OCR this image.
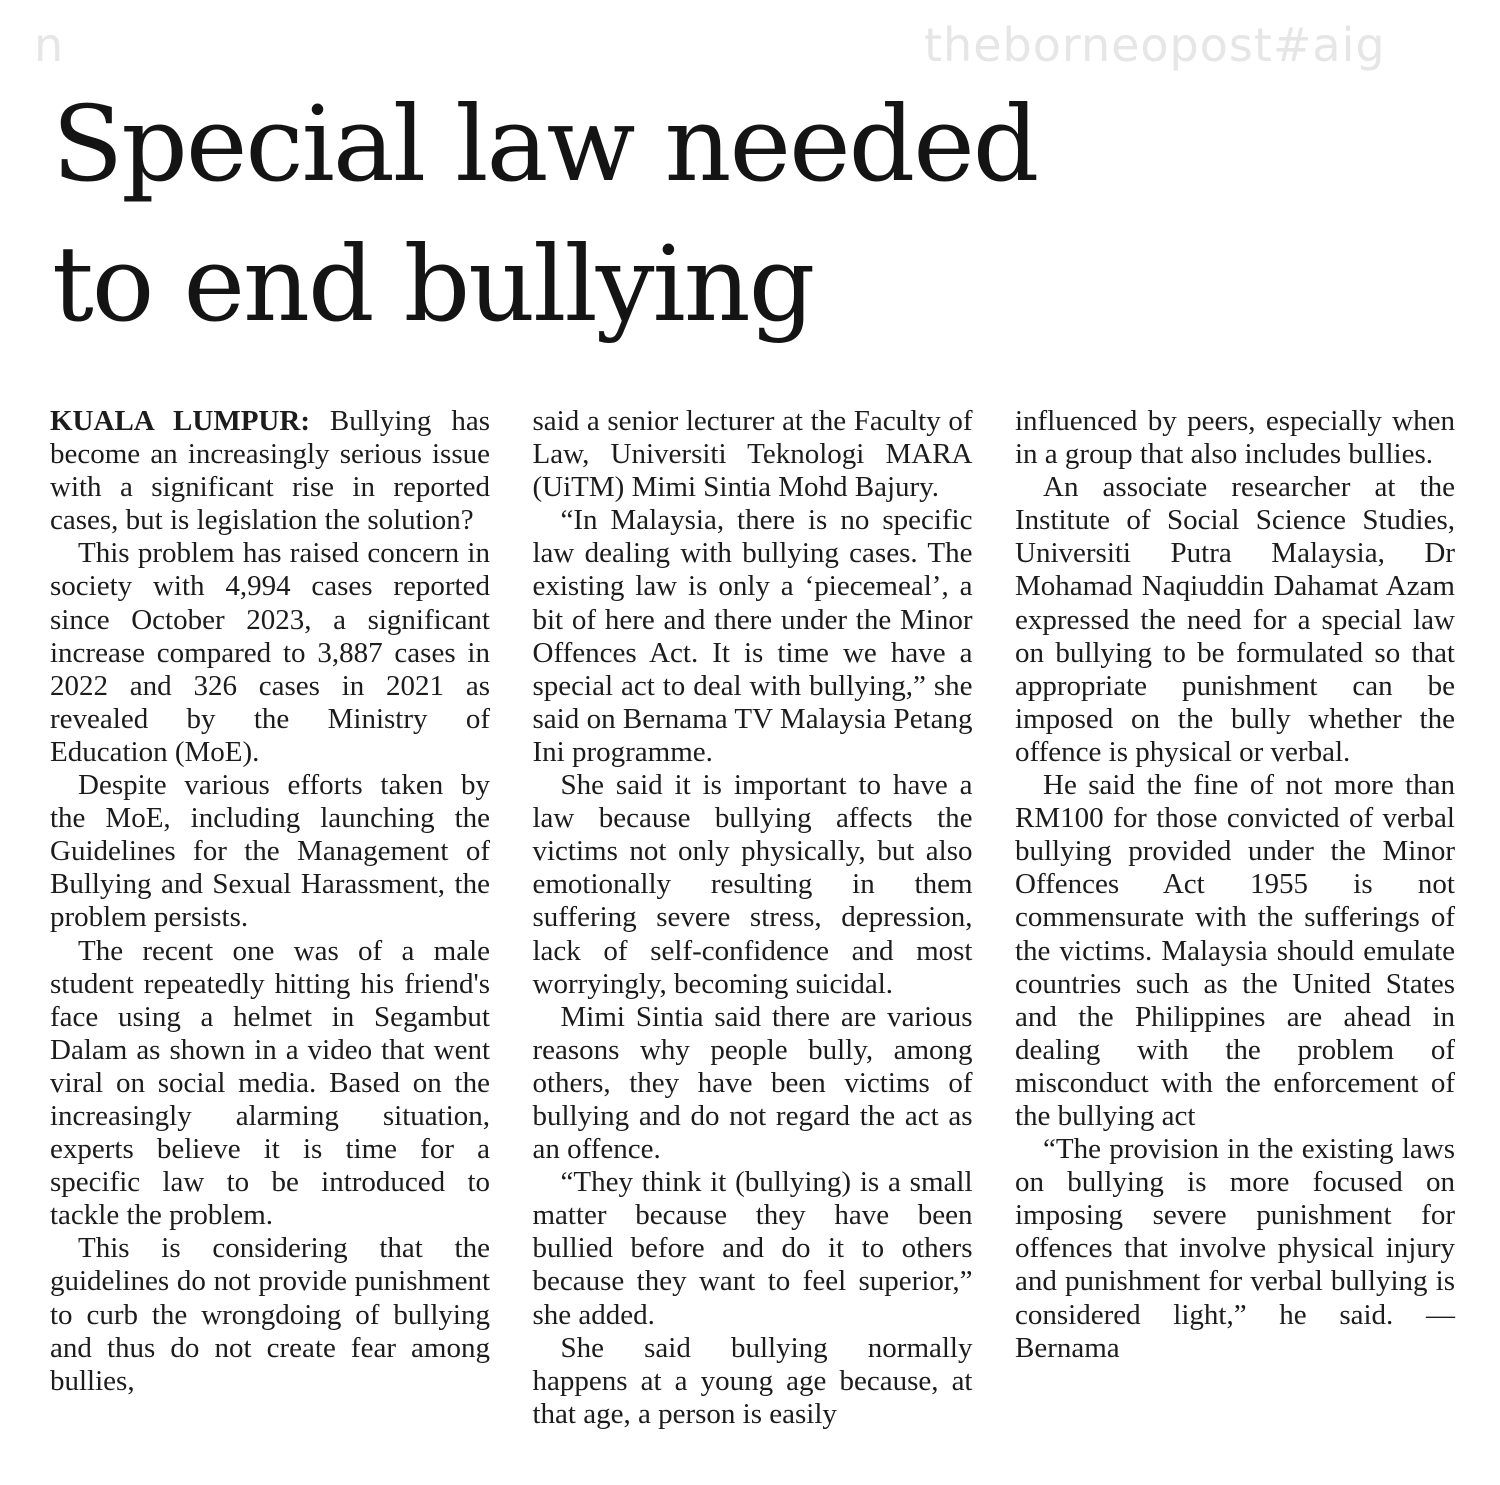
n	theborneopost#aig
Special law needed
to end bullying

KUALA LUMPUR: Bullying has become an increasingly serious issue with a significant rise in reported cases, but is legislation the solution?

This problem has raised concern in society with 4,994 cases reported since October 2023, a significant increase compared to 3,887 cases in 2022 and 326 cases in 2021 as revealed by the Ministry of Education (MoE).

Despite various efforts taken by the MoE, including launching the Guidelines for the Management of Bullying and Sexual Harassment, the problem persists.

The recent one was of a male student repeatedly hitting his friend's face using a helmet in Segambut Dalam as shown in a video that went viral on social media. Based on the increasingly alarming situation, experts believe it is time for a specific law to be introduced to tackle the problem.

This is considering that the guidelines do not provide punishment to curb the wrongdoing of bullying and thus do not create fear among bullies,

said a senior lecturer at the Faculty of Law, Universiti Teknologi MARA (UiTM) Mimi Sintia Mohd Bajury.

“In Malaysia, there is no specific law dealing with bullying cases. The existing law is only a ‘piecemeal’, a bit of here and there under the Minor Offences Act. It is time we have a special act to deal with bullying,” she said on Bernama TV Malaysia Petang Ini programme.

She said it is important to have a law because bullying affects the victims not only physically, but also emotionally resulting in them suffering severe stress, depression, lack of self-confidence and most worryingly, becoming suicidal.

Mimi Sintia said there are various reasons why people bully, among others, they have been victims of bullying and do not regard the act as an offence.

“They think it (bullying) is a small matter because they have been bullied before and do it to others because they want to feel superior,” she added.

She said bullying normally happens at a young age because, at that age, a person is easily

influenced by peers, especially when in a group that also includes bullies.

An associate researcher at the Institute of Social Science Studies, Universiti Putra Malaysia, Dr Mohamad Naqiuddin Dahamat Azam expressed the need for a special law on bullying to be formulated so that appropriate punishment can be imposed on the bully whether the offence is physical or verbal.

He said the fine of not more than RM100 for those convicted of verbal bullying provided under the Minor Offences Act 1955 is not commensurate with the sufferings of the victims. Malaysia should emulate countries such as the United States and the Philippines are ahead in dealing with the problem of misconduct with the enforcement of the bullying act

“The provision in the existing laws on bullying is more focused on imposing severe punishment for offences that involve physical injury and punishment for verbal bullying is considered light,” he said. — Bernama
